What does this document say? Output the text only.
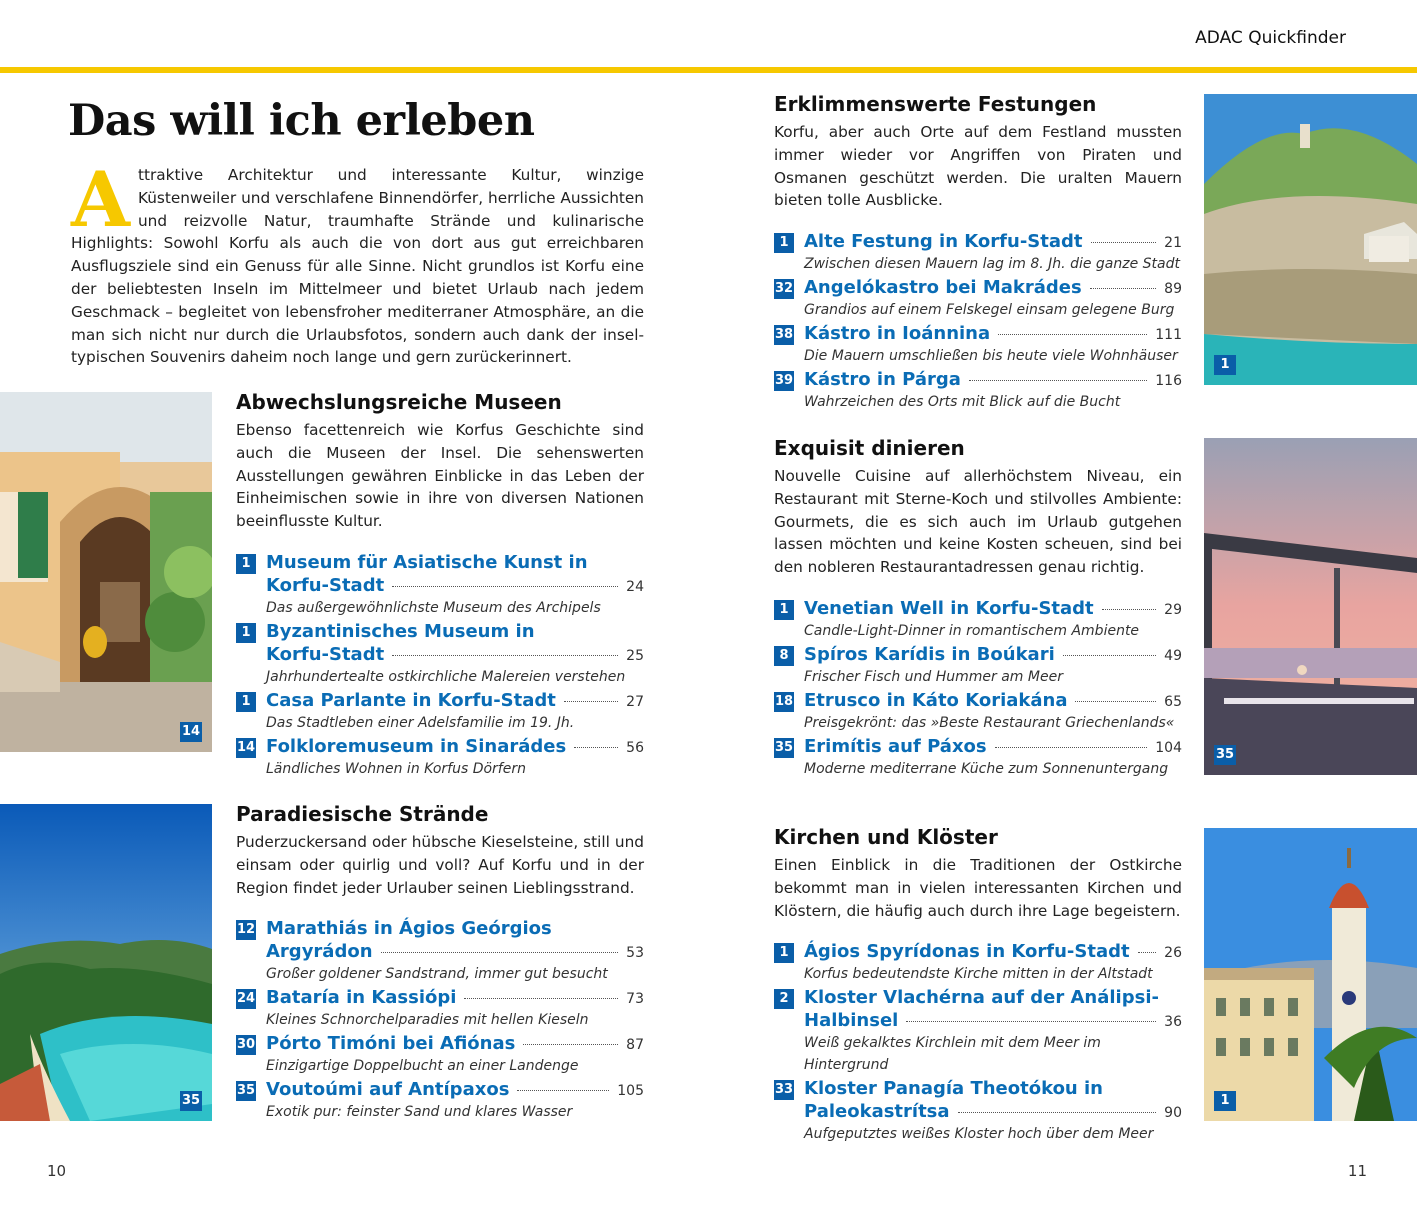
ADAC Quickfinder
Das will ich erleben

Attraktive Architektur und interessante Kultur, winzige Küstenweiler und verschlafene Binnendörfer, herrliche Aussichten und reizvolle Natur, traumhafte Strände und kulinarische Highlights: Sowohl Korfu als auch die von dort aus gut erreichbaren Ausflugsziele sind ein Genuss für alle Sinne. Nicht grundlos ist Korfu eine der beliebtesten Inseln im Mittelmeer und bietet Urlaub nach jedem Geschmack – begleitet von lebensfroher mediterraner Atmosphäre, an die man sich nicht nur durch die Urlaubsfotos, sondern auch dank der inseltypischen Souvenirs daheim noch lange und gern zurückerinnert.

14
35
1
35
1
Abwechslungsreiche Museen

Ebenso facettenreich wie Korfus Geschichte sind auch die Museen der Insel. Die sehenswerten Ausstellungen gewähren Einblicke in das Leben der Einheimischen sowie in ihre von diversen Nationen beeinflusste Kultur.

1 Museum für Asiatische Kunst in
Korfu-Stadt	24
Das außergewöhnlichste Museum des Archipels
1 Byzantinisches Museum in
Korfu-Stadt	25
Jahrhundertealte ostkirchliche Malereien verstehen
1 Casa Parlante in Korfu-Stadt	27
Das Stadtleben einer Adelsfamilie im 19. Jh.
14 Folkloremuseum in Sinarádes	56
Ländliches Wohnen in Korfus Dörfern
Paradiesische Strände

Puderzuckersand oder hübsche Kieselsteine, still und einsam oder quirlig und voll? Auf Korfu und in der Region findet jeder Urlauber seinen Lieblingsstrand.

12 Marathiás in Ágios Geórgios
Argyrádon	53
Großer goldener Sandstrand, immer gut besucht
24 Bataría in Kassiópi	73
Kleines Schnorchelparadies mit hellen Kieseln
30 Pórto Timóni bei Afiónas	87
Einzigartige Doppelbucht an einer Landenge
35 Voutoúmi auf Antípaxos	105
Exotik pur: feinster Sand und klares Wasser
Erklimmenswerte Festungen

Korfu, aber auch Orte auf dem Festland mussten immer wieder vor Angriffen von Piraten und Osmanen geschützt werden. Die uralten Mauern bieten tolle Ausblicke.

1 Alte Festung in Korfu-Stadt	21
Zwischen diesen Mauern lag im 8. Jh. die ganze Stadt
32 Angelókastro bei Makrádes	89
Grandios auf einem Felskegel einsam gelegene Burg
38 Kástro in Ioánnina	111
Die Mauern umschließen bis heute viele Wohnhäuser
39 Kástro in Párga	116
Wahrzeichen des Orts mit Blick auf die Bucht
Exquisit dinieren

Nouvelle Cuisine auf allerhöchstem Niveau, ein Restaurant mit Sterne-Koch und stilvolles Ambiente: Gourmets, die es sich auch im Urlaub gutgehen lassen möchten und keine Kosten scheuen, sind bei den nobleren Restaurantadressen genau richtig.

1 Venetian Well in Korfu-Stadt	29
Candle-Light-Dinner in romantischem Ambiente
8 Spíros Karídis in Boúkari	49
Frischer Fisch und Hummer am Meer
18 Etrusco in Káto Koriakána	65
Preisgekrönt: das »Beste Restaurant Griechenlands«
35 Erimítis auf Páxos	104
Moderne mediterrane Küche zum Sonnenuntergang
Kirchen und Klöster

Einen Einblick in die Traditionen der Ostkirche bekommt man in vielen interessanten Kirchen und Klöstern, die häufig auch durch ihre Lage begeistern.

1 Ágios Spyrídonas in Korfu-Stadt 26
Korfus bedeutendste Kirche mitten in der Altstadt
2 Kloster Vlachérna auf der Análipsi-
Halbinsel	36
Weiß gekalktes Kirchlein mit dem Meer im Hintergrund
33 Kloster Panagía Theotókou in
Paleokastrítsa	90
Aufgeputztes weißes Kloster hoch über dem Meer
10	11
